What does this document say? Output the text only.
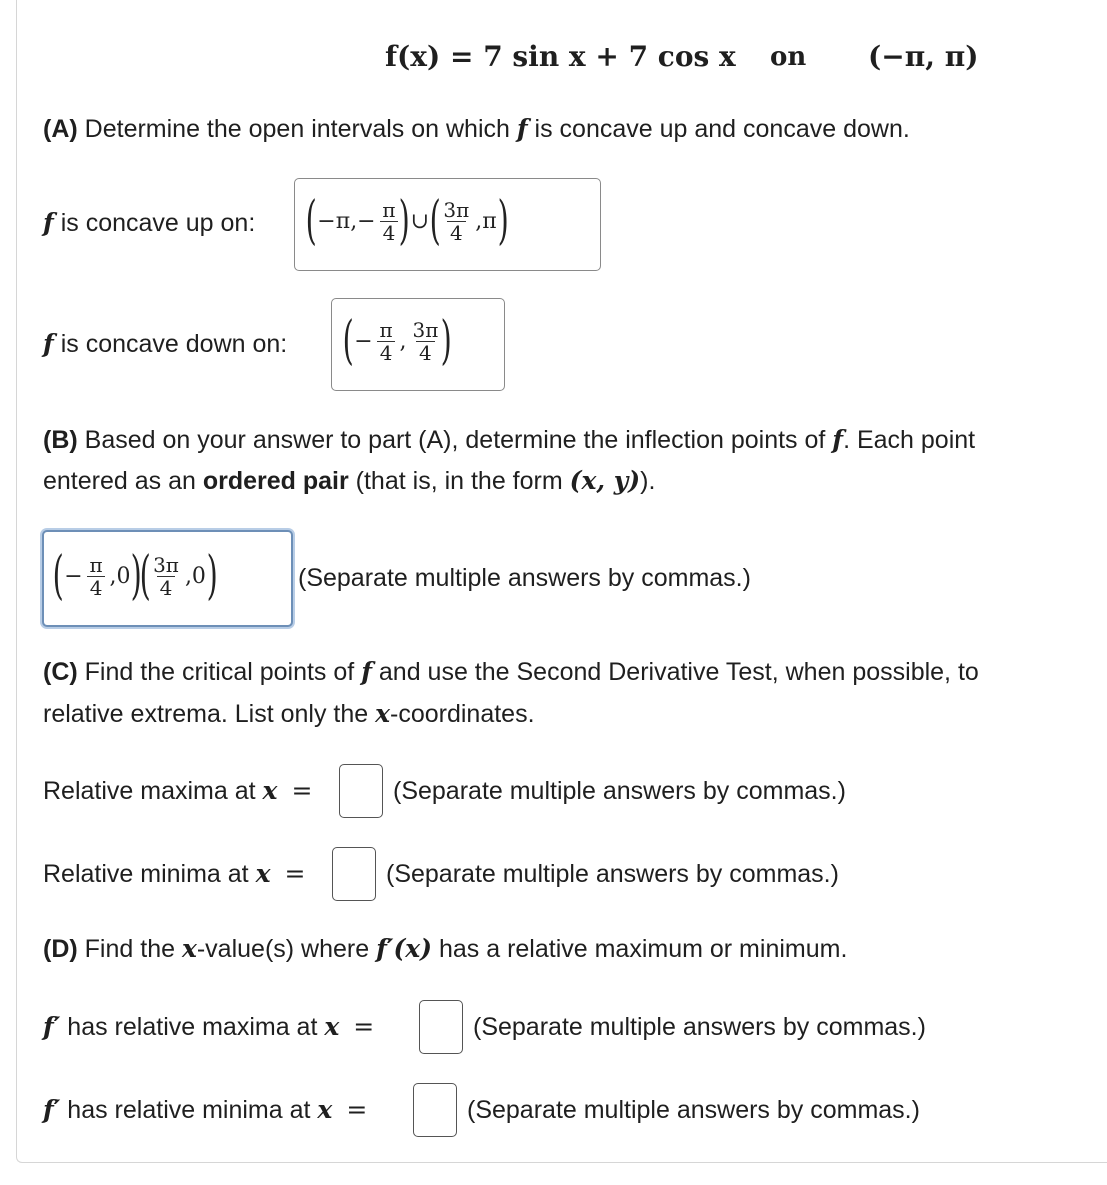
f(x) = 7 sin x + 7 cos x on (−π, π)
(A) Determine the open intervals on which f is concave up and concave down.
f is concave up on: ( $-\pi,- \frac{\pi}{4}$ ) ∪ ( $\frac{3\pi}{4} ,\pi$ )
f is concave down on: ( − $\frac{\pi}{4}$ , $\frac{3\pi}{4}$ )
(B) Based on your answer to part (A), determine the inflection points of f. Each point
entered as an ordered pair (that is, in the form (x, y)).
( − $\frac{\pi}{4} ,0$ )
( $\frac{3\pi}{4} ,0$ )	(Separate multiple answers by commas.)
(C) Find the critical points of f and use the Second Derivative Test, when possible, to
relative extrema. List only the x-coordinates.
Relative maxima at x =	(Separate multiple answers by commas.)
Relative minima at x =	(Separate multiple answers by commas.)
(D) Find the x-value(s) where f′(x) has a relative maximum or minimum.
f′ has relative maxima at x =	(Separate multiple answers by commas.)
f′ has relative minima at x =	(Separate multiple answers by commas.)
